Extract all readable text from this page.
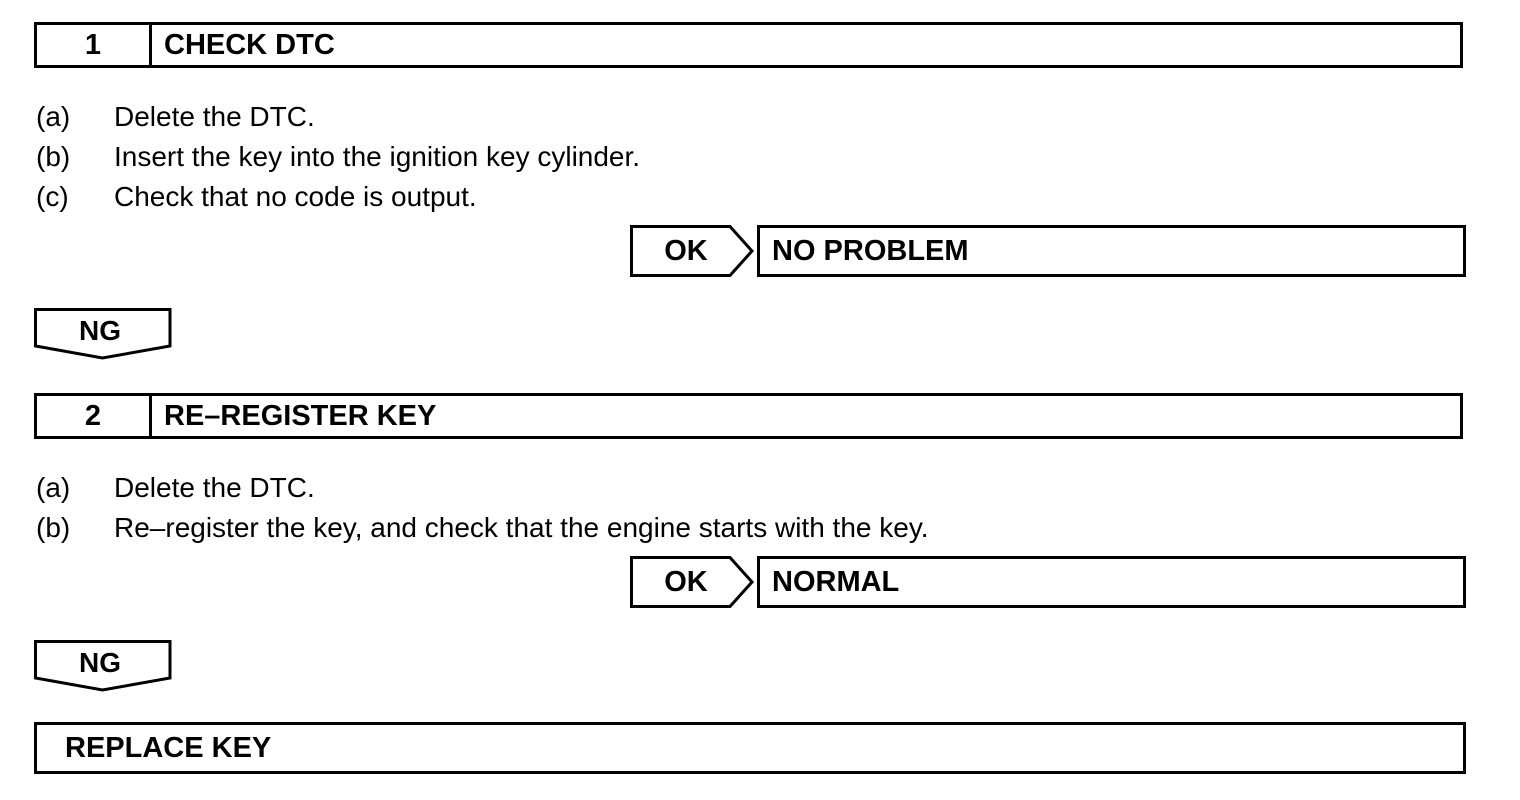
1	CHECK DTC
(a)	Delete the DTC.
(b)	Insert the key into the ignition key cylinder.
(c)	Check that no code is output.
OK	NO PROBLEM
NG
2	RE–REGISTER KEY
(a)	Delete the DTC.
(b)	Re–register the key, and check that the engine starts with the key.
OK	NORMAL
NG
REPLACE KEY
